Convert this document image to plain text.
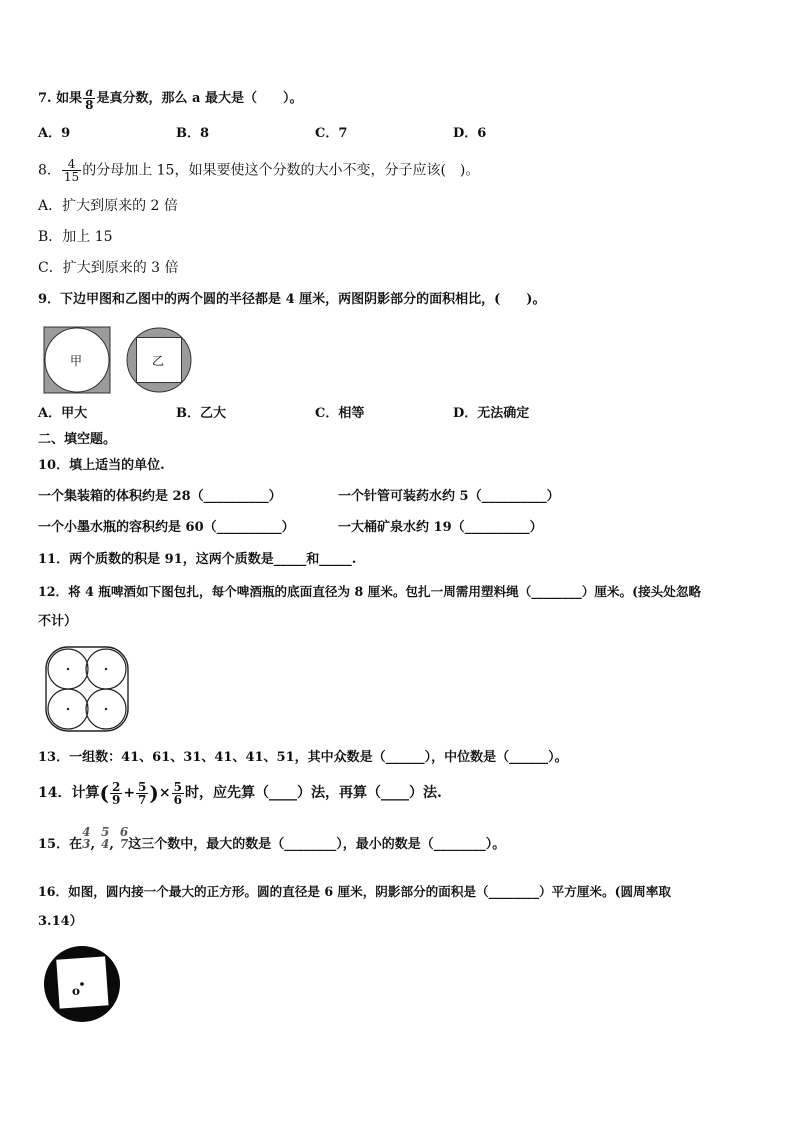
7. 如果 $\frac{a}{8}$ 是真分数，那么 a 最大是（　　）。
A．9	B．8	C．7	D．6
8． $\frac{4}{15}$ 的分母加上 15，如果要使这个分数的大小不变，分子应该(　)。
A．扩大到原来的 2 倍
B．加上 15
C．扩大到原来的 3 倍
9．下边甲图和乙图中的两个圆的半径都是 4 厘米，两图阴影部分的面积相比，(　　)。
甲	乙
A．甲大	B．乙大	C．相等	D．无法确定
二、填空题。
10．填上适当的单位.
一个集装箱的体积约是 28（__________）	一个针管可装药水约 5（__________）
一个小墨水瓶的容积约是 60（__________）	一大桶矿泉水约 19（__________）
11．两个质数的积是 91，这两个质数是_____和_____.
12．将 4 瓶啤酒如下图包扎，每个啤酒瓶的底面直径为 8 厘米。包扎一周需用塑料绳（________）厘米。(接头处忽略
不计）
13．一组数：41、61、31、41、41、51，其中众数是（______），中位数是（______）。
14．计算( $\frac{2}{9} + \frac{5}{7}$ )× $\frac{5}{6}$ 时，应先算（____）法，再算（____）法.
15．在
4
3 ,
5
4 ,
6
7 这三个数中，最大的数是（________），最小的数是（________）。
16．如图，圆内接一个最大的正方形。圆的直径是 6 厘米，阴影部分的面积是（________）平方厘米。(圆周率取
3.14）
o
